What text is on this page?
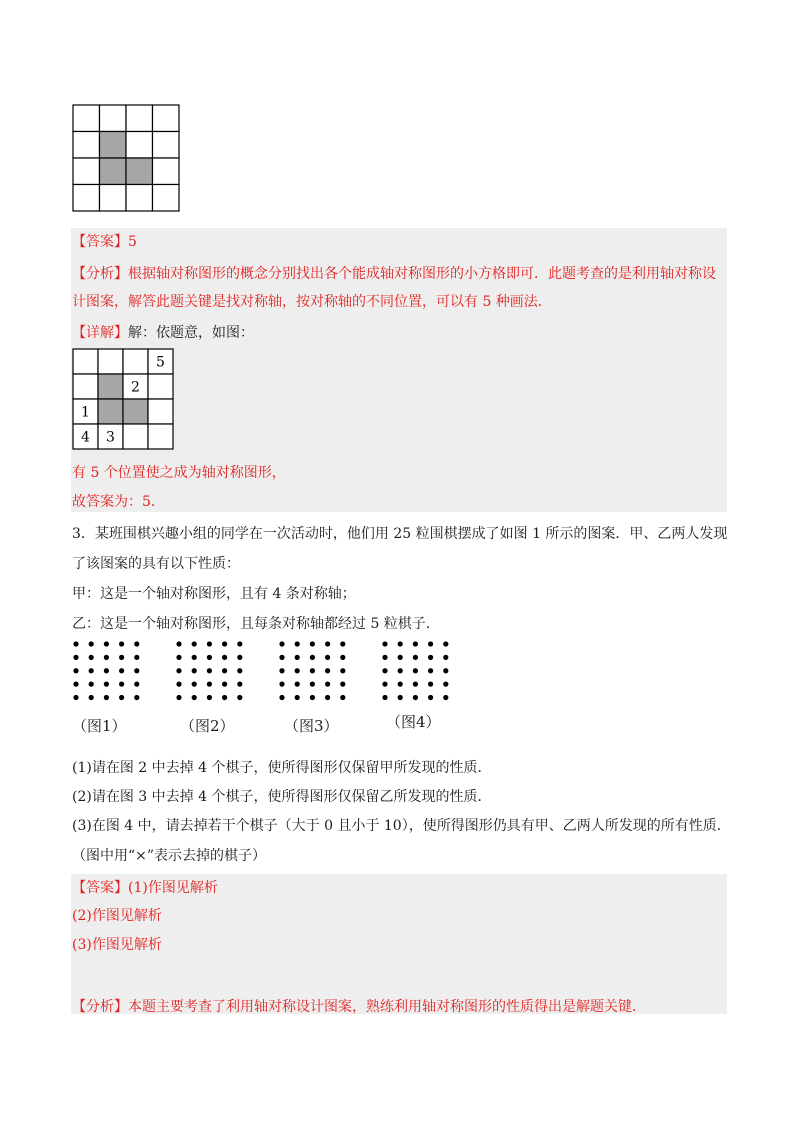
【答案】5
【分析】根据轴对称图形的概念分别找出各个能成轴对称图形的小方格即可．此题考查的是利用轴对称设
计图案，解答此题关键是找对称轴，按对称轴的不同位置，可以有 5 种画法．
【详解】解：依题意，如图：
5
2
1
4 3
有 5 个位置使之成为轴对称图形，
故答案为：5．
3．某班围棋兴趣小组的同学在一次活动时，他们用 25 粒围棋摆成了如图 1 所示的图案．甲、乙两人发现
了该图案的具有以下性质：
甲：这是一个轴对称图形，且有 4 条对称轴；
乙：这是一个轴对称图形，且每条对称轴都经过 5 粒棋子．
（图1）	（图2）	（图3）	（图4）
(1)请在图 2 中去掉 4 个棋子，使所得图形仅保留甲所发现的性质．
(2)请在图 3 中去掉 4 个棋子，使所得图形仅保留乙所发现的性质．
(3)在图 4 中，请去掉若干个棋子（大于 0 且小于 10），使所得图形仍具有甲、乙两人所发现的所有性质．
（图中用“×”表示去掉的棋子）
【答案】(1)作图见解析
(2)作图见解析
(3)作图见解析
【分析】本题主要考查了利用轴对称设计图案，熟练利用轴对称图形的性质得出是解题关键．
